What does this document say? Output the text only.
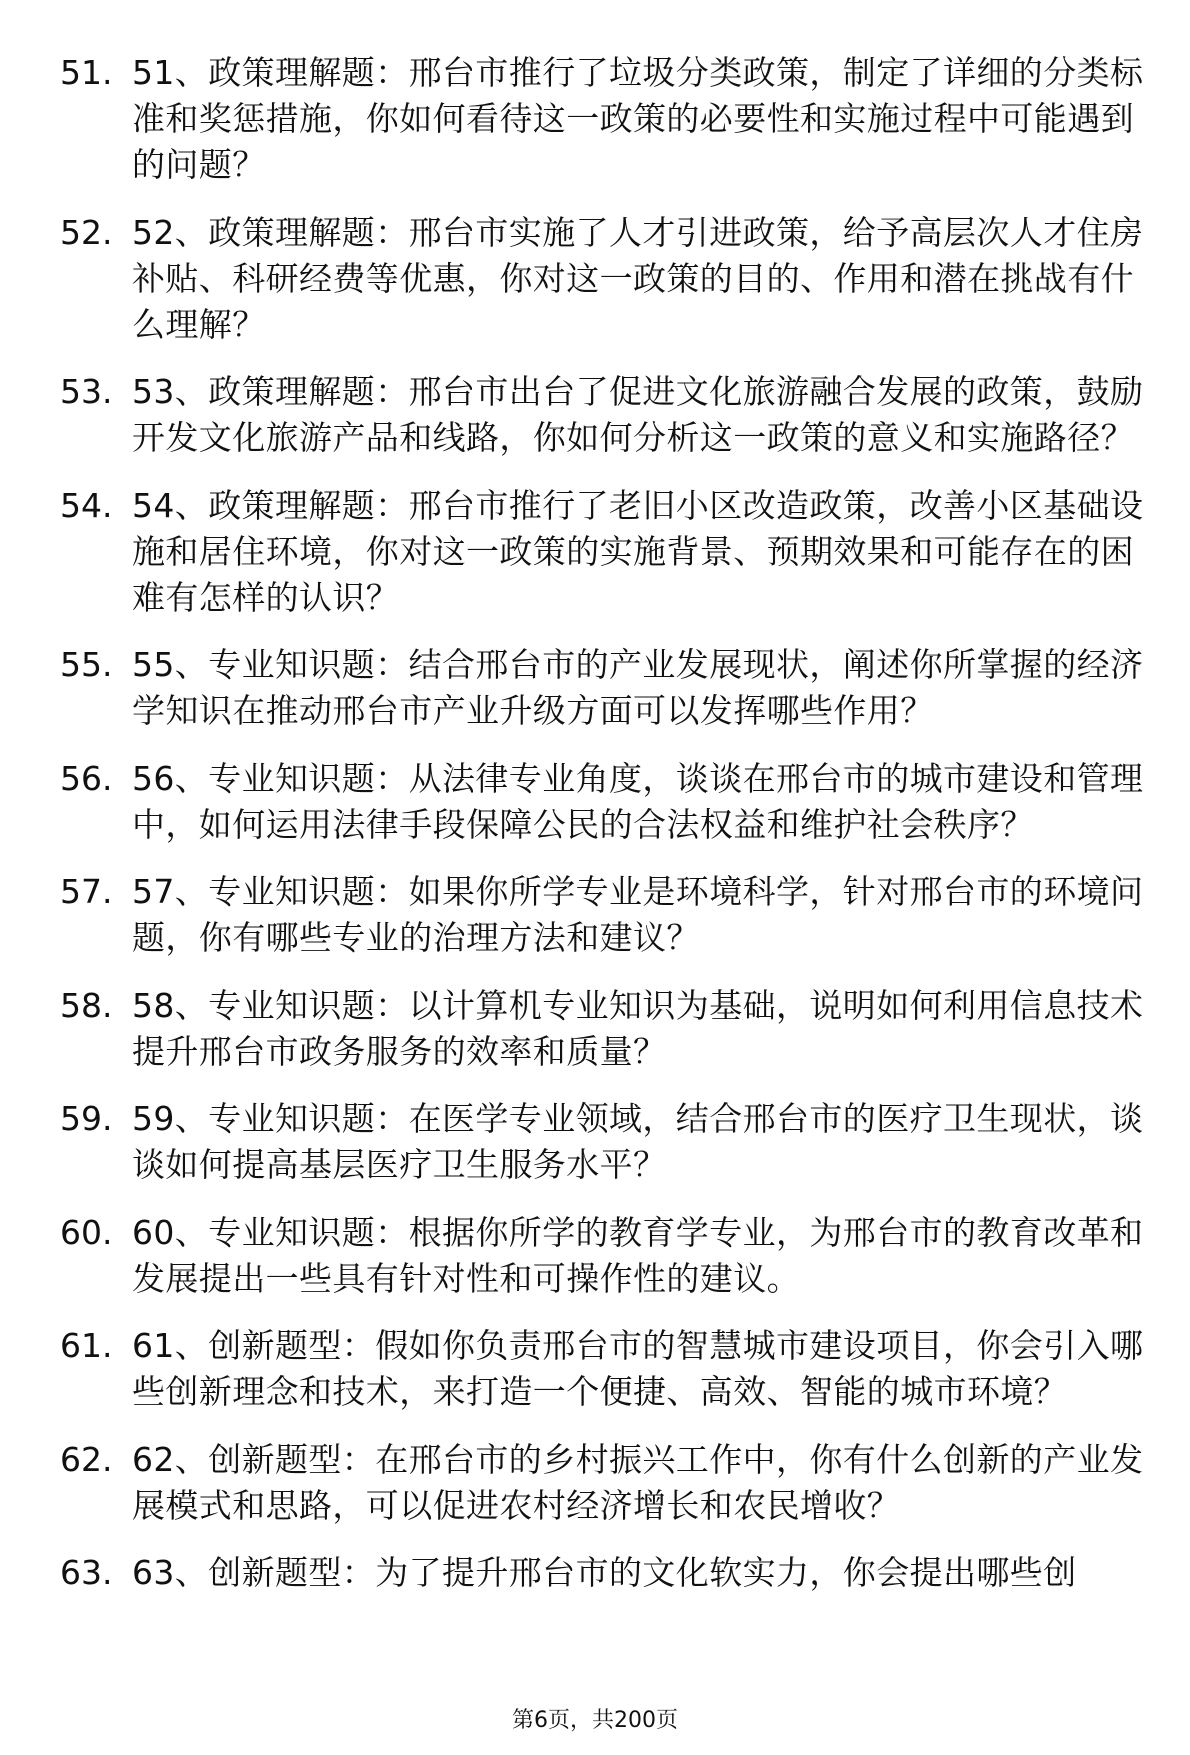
51. 51、政策理解题：邢台市推行了垃圾分类政策，制定了详细的分类标准和奖惩措施，你如何看待这一政策的必要性和实施过程中可能遇到的问题？
52. 52、政策理解题：邢台市实施了人才引进政策，给予高层次人才住房补贴、科研经费等优惠，你对这一政策的目的、作用和潜在挑战有什么理解？
53. 53、政策理解题：邢台市出台了促进文化旅游融合发展的政策，鼓励开发文化旅游产品和线路，你如何分析这一政策的意义和实施路径？
54. 54、政策理解题：邢台市推行了老旧小区改造政策，改善小区基础设施和居住环境，你对这一政策的实施背景、预期效果和可能存在的困难有怎样的认识？
55. 55、专业知识题：结合邢台市的产业发展现状，阐述你所掌握的经济学知识在推动邢台市产业升级方面可以发挥哪些作用？
56. 56、专业知识题：从法律专业角度，谈谈在邢台市的城市建设和管理中，如何运用法律手段保障公民的合法权益和维护社会秩序？
57. 57、专业知识题：如果你所学专业是环境科学，针对邢台市的环境问题，你有哪些专业的治理方法和建议？
58. 58、专业知识题：以计算机专业知识为基础，说明如何利用信息技术提升邢台市政务服务的效率和质量？
59. 59、专业知识题：在医学专业领域，结合邢台市的医疗卫生现状，谈谈如何提高基层医疗卫生服务水平？
60. 60、专业知识题：根据你所学的教育学专业，为邢台市的教育改革和发展提出一些具有针对性和可操作性的建议。
61. 61、创新题型：假如你负责邢台市的智慧城市建设项目，你会引入哪些创新理念和技术，来打造一个便捷、高效、智能的城市环境？
62. 62、创新题型：在邢台市的乡村振兴工作中，你有什么创新的产业发展模式和思路，可以促进农村经济增长和农民增收？
63. 63、创新题型：为了提升邢台市的文化软实力，你会提出哪些创
第6页，共200页
